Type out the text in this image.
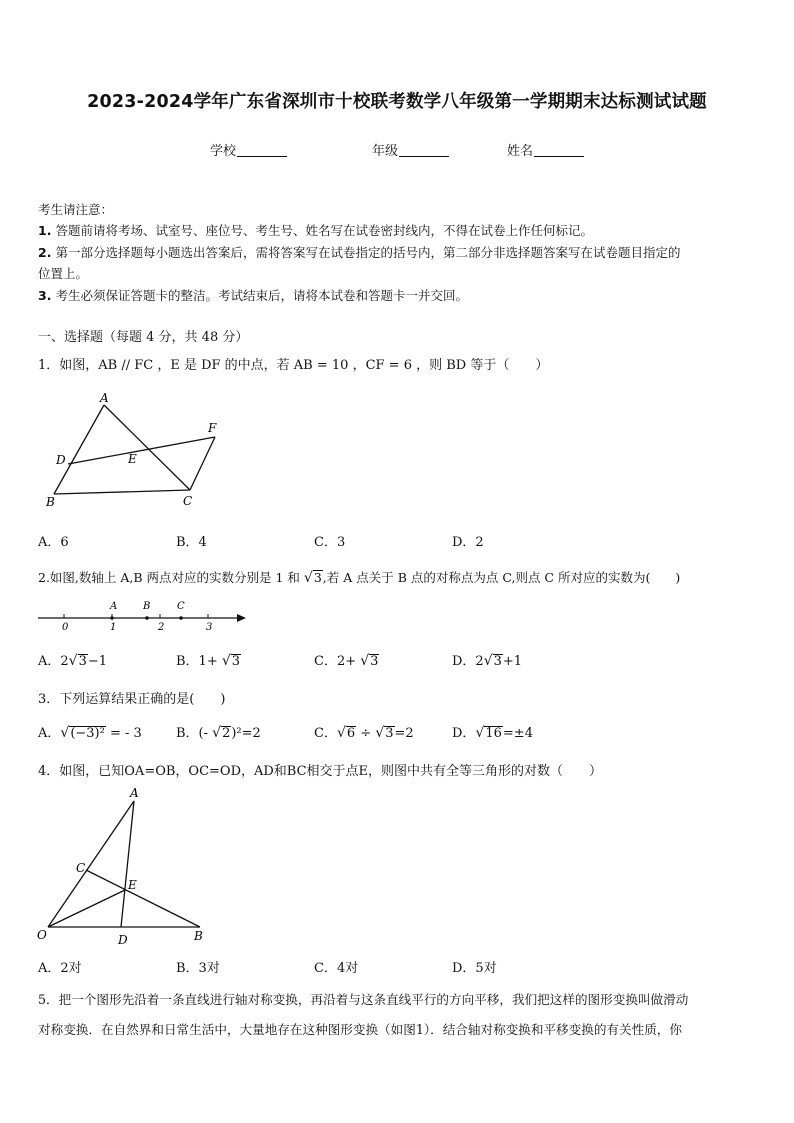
2023-2024学年广东省深圳市十校联考数学八年级第一学期期末达标测试试题
学校	年级	姓名
考生请注意：
1. 答题前请将考场、试室号、座位号、考生号、姓名写在试卷密封线内，不得在试卷上作任何标记。
2. 第一部分选择题每小题选出答案后，需将答案写在试卷指定的括号内，第二部分非选择题答案写在试卷题目指定的
位置上。
3. 考生必须保证答题卡的整洁。考试结束后，请将本试卷和答题卡一并交回。
一、选择题（每题 4 分，共 48 分）
1．如图，AB // FC ，E 是 DF 的中点，若 AB = 10 ，CF = 6 ，则 BD 等于（　　）
A
D	E
F
B	C
A．6	B．4	C．3	D．2
2.如图,数轴上 A,B 两点对应的实数分别是 1 和 √3,若 A 点关于 B 点的对称点为点 C,则点 C 所对应的实数为(　　)
0	1	2	3
A	B	C
A．2√3−1	B．1+ √3	C．2+ √3	D．2√3+1
3．下列运算结果正确的是(　　)
A．√(−3)² = - 3	B．(- √2)²=2	C．√6 ÷ √3=2	D．√16=±4
4．如图，已知OA=OB，OC=OD，AD和BC相交于点E，则图中共有全等三角形的对数（　　）
A
C
E
O	D	B
A．2对	B．3对	C．4对	D．5对
5．把一个图形先沿着一条直线进行轴对称变换，再沿着与这条直线平行的方向平移，我们把这样的图形变换叫做滑动
对称变换．在自然界和日常生活中，大量地存在这种图形变换（如图1）．结合轴对称变换和平移变换的有关性质，你
